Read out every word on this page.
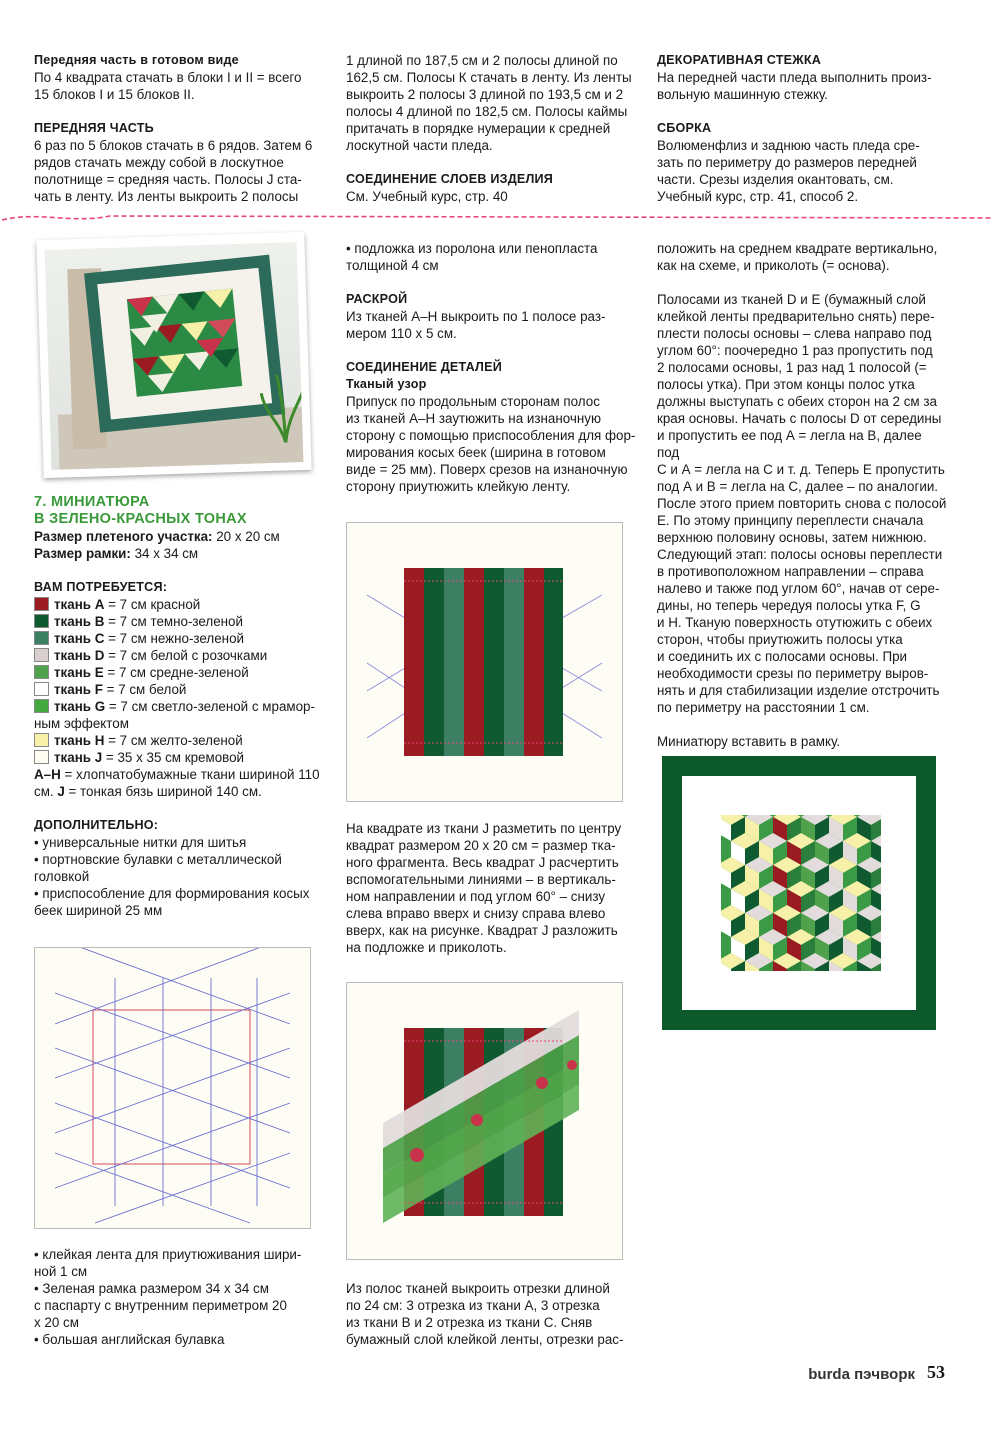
Передняя часть в готовом виде

По 4 квадрата стачать в блоки I и II = всего

15 блоков I и 15 блоков II.

ПЕРЕДНЯЯ ЧАСТЬ

6 раз по 5 блоков стачать в 6 рядов. Затем 6

рядов стачать между собой в лоскутное

полотнище = средняя часть. Полосы J ста-

чать в ленту. Из ленты выкроить 2 полосы

1 длиной по 187,5 см и 2 полосы длиной по

162,5 см. Полосы К стачать в ленту. Из ленты

выкроить 2 полосы 3 длиной по 193,5 см и 2

полосы 4 длиной по 182,5 см. Полосы каймы

притачать в порядке нумерации к средней

лоскутной части пледа.

СОЕДИНЕНИЕ СЛОЕВ ИЗДЕЛИЯ

См. Учебный курс, стр. 40

ДЕКОРАТИВНАЯ СТЕЖКА

На передней части пледа выполнить произ-

вольную машинную стежку.

СБОРКА

Волюменфлиз и заднюю часть пледа сре-

зать по периметру до размеров передней

части. Срезы изделия окантовать, см.

Учебный курс, стр. 41, способ 2.

7. МИНИАТЮРА

В ЗЕЛЕНО-КРАСНЫХ ТОНАХ

Размер плетеного участка: 20 х 20 см

Размер рамки: 34 х 34 см

ВАМ ПОТРЕБУЕТСЯ:

ткань А = 7 см красной

ткань В = 7 см темно-зеленой

ткань С = 7 см нежно-зеленой

ткань D = 7 см белой с розочками

ткань Е = 7 см средне-зеленой

ткань F = 7 см белой

ткань G = 7 см светло-зеленой с мрамор-

ным эффектом

ткань Н = 7 см желто-зеленой

ткань J = 35 х 35 см кремовой

А–Н = хлопчатобумажные ткани шириной 110

см. J = тонкая бязь шириной 140 см.

ДОПОЛНИТЕЛЬНО:

• универсальные нитки для шитья

• портновские булавки с металлической

головкой

• приспособление для формирования косых

беек шириной 25 мм

• клейкая лента для приутюживания шири-

ной 1 см

• Зеленая рамка размером 34 х 34 см

с паспарту с внутренним периметром 20

х 20 см

• большая английская булавка

• подложка из поролона или пенопласта

толщиной 4 см

РАСКРОЙ

Из тканей А–Н выкроить по 1 полосе раз-

мером 110 х 5 см.

СОЕДИНЕНИЕ ДЕТАЛЕЙ

Тканый узор

Припуск по продольным сторонам полос

из тканей А–Н заутюжить на изнаночную

сторону с помощью приспособления для фор-

мирования косых беек (ширина в готовом

виде = 25 мм). Поверх срезов на изнаночную

сторону приутюжить клейкую ленту.

На квадрате из ткани J разметить по центру

квадрат размером 20 х 20 см = размер тка-

ного фрагмента. Весь квадрат J расчертить

вспомогательными линиями – в вертикаль-

ном направлении и под углом 60° – снизу

слева вправо вверх и снизу справа влево

вверх, как на рисунке. Квадрат J разложить

на подложке и приколоть.

Из полос тканей выкроить отрезки длиной

по 24 см: 3 отрезка из ткани А, 3 отрезка

из ткани В и 2 отрезка из ткани С. Сняв

бумажный слой клейкой ленты, отрезки рас-

положить на среднем квадрате вертикально,

как на схеме, и приколоть (= основа).

Полосами из тканей D и Е (бумажный слой

клейкой ленты предварительно снять) пере-

плести полосы основы – слева направо под

углом 60°: поочередно 1 раз пропустить под

2 полосами основы, 1 раз над 1 полосой (=

полосы утка). При этом концы полос утка

должны выступать с обеих сторон на 2 см за

края основы. Начать с полосы D от середины

и пропустить ее под А = легла на В, далее под

С и А = легла на С и т. д. Теперь Е пропустить

под А и В = легла на С, далее – по аналогии.

После этого прием повторить снова с полосой

Е. По этому принципу переплести сначала

верхнюю половину основы, затем нижнюю.

Следующий этап: полосы основы переплести

в противоположном направлении – справа

налево и также под углом 60°, начав от сере-

дины, но теперь чередуя полосы утка F, G

и Н. Тканую поверхность отутюжить с обеих

сторон, чтобы приутюжить полосы утка

и соединить их с полосами основы. При

необходимости срезы по периметру выров-

нять и для стабилизации изделие отстрочить

по периметру на расстоянии 1 см.

Миниатюру вставить в рамку.

burda пэчворк 53
